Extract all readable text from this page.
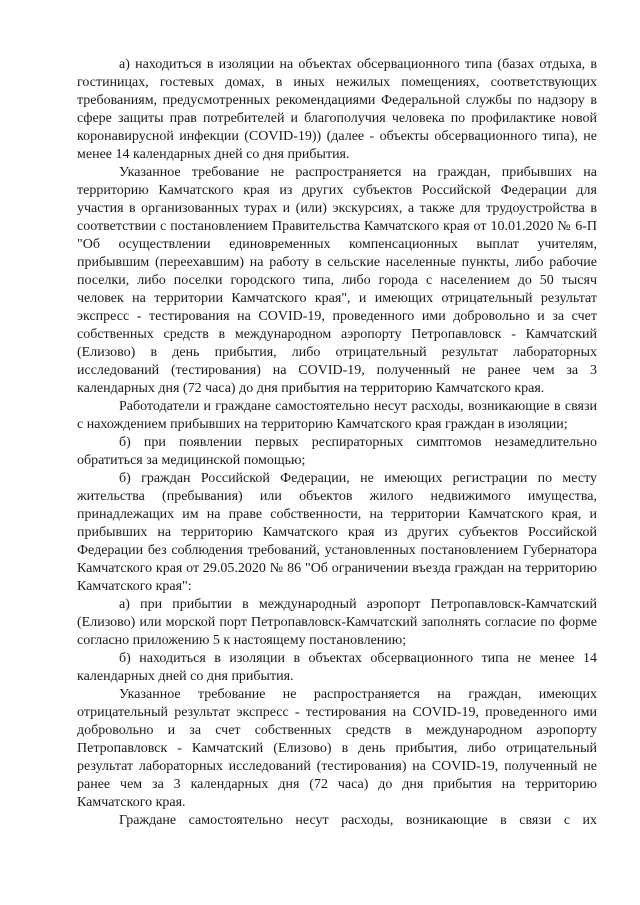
а) находиться в изоляции на объектах обсервационного типа (базах отдыха, в гостиницах, гостевых домах, в иных нежилых помещениях, соответствующих требованиям, предусмотренных рекомендациями Федеральной службы по надзору в сфере защиты прав потребителей и благополучия человека по профилактике новой коронавирусной инфекции (COVID-19)) (далее - объекты обсервационного типа), не менее 14 календарных дней со дня прибытия.

Указанное требование не распространяется на граждан, прибывших на территорию Камчатского края из других субъектов Российской Федерации для участия в организованных турах и (или) экскурсиях, а также для трудоустройства в соответствии с постановлением Правительства Камчатского края от 10.01.2020 № 6-П "Об осуществлении единовременных компенсационных выплат учителям, прибывшим (переехавшим) на работу в сельские населенные пункты, либо рабочие поселки, либо поселки городского типа, либо города с населением до 50 тысяч человек на территории Камчатского края", и имеющих отрицательный результат экспресс - тестирования на COVID-19, проведенного ими добровольно и за счет собственных средств в международном аэропорту Петропавловск - Камчатский (Елизово) в день прибытия, либо отрицательный результат лабораторных исследований (тестирования) на COVID-19, полученный не ранее чем за 3 календарных дня (72 часа) до дня прибытия на территорию Камчатского края.

Работодатели и граждане самостоятельно несут расходы, возникающие в связи с нахождением прибывших на территорию Камчатского края граждан в изоляции;

б) при появлении первых респираторных симптомов незамедлительно обратиться за медицинской помощью;

б) граждан Российской Федерации, не имеющих регистрации по месту жительства (пребывания) или объектов жилого недвижимого имущества, принадлежащих им на праве собственности, на территории Камчатского края, и прибывших на территорию Камчатского края из других субъектов Российской Федерации без соблюдения требований, установленных постановлением Губернатора Камчатского края от 29.05.2020 № 86 "Об ограничении въезда граждан на территорию Камчатского края":

а) при прибытии в международный аэропорт Петропавловск-Камчатский (Елизово) или морской порт Петропавловск-Камчатский заполнять согласие по форме согласно приложению 5 к настоящему постановлению;

б) находиться в изоляции в объектах обсервационного типа не менее 14 календарных дней со дня прибытия.

Указанное требование не распространяется на граждан, имеющих отрицательный результат экспресс - тестирования на COVID-19, проведенного ими добровольно и за счет собственных средств в международном аэропорту Петропавловск - Камчатский (Елизово) в день прибытия, либо отрицательный результат лабораторных исследований (тестирования) на COVID-19, полученный не ранее чем за 3 календарных дня (72 часа) до дня прибытия на территорию Камчатского края.

Граждане самостоятельно несут расходы, возникающие в связи с их
